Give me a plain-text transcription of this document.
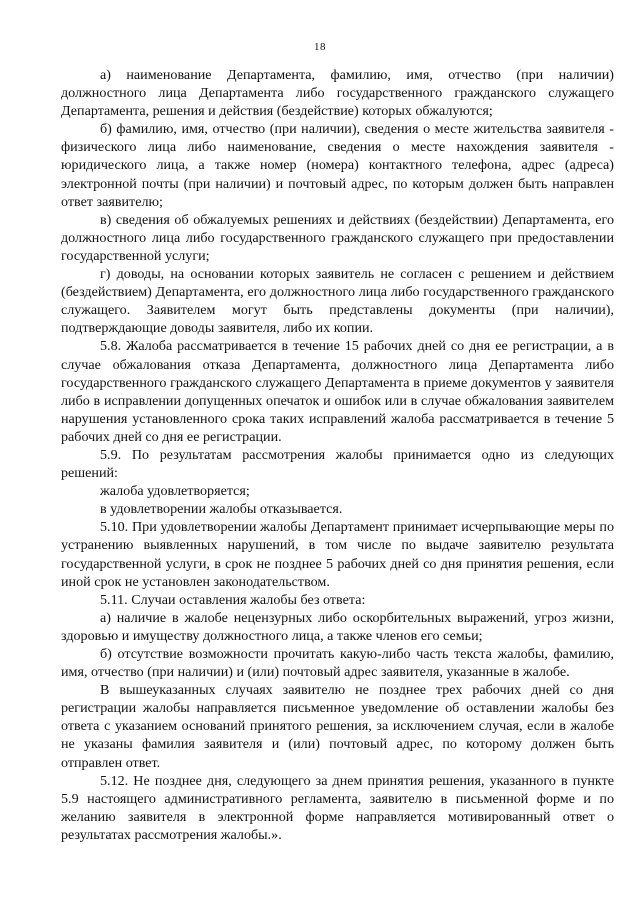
18

а) наименование Департамента, фамилию, имя, отчество (при наличии) должностного лица Департамента либо государственного гражданского служащего Департамента, решения и действия (бездействие) которых обжалуются;

б) фамилию, имя, отчество (при наличии), сведения о месте жительства заявителя - физического лица либо наименование, сведения о месте нахождения заявителя - юридического лица, а также номер (номера) контактного телефона, адрес (адреса) электронной почты (при наличии) и почтовый адрес, по которым должен быть направлен ответ заявителю;

в) сведения об обжалуемых решениях и действиях (бездействии) Департамента, его должностного лица либо государственного гражданского служащего при предоставлении государственной услуги;

г) доводы, на основании которых заявитель не согласен с решением и действием (бездействием) Департамента, его должностного лица либо государственного гражданского служащего. Заявителем могут быть представлены документы (при наличии), подтверждающие доводы заявителя, либо их копии.

5.8. Жалоба рассматривается в течение 15 рабочих дней со дня ее регистрации, а в случае обжалования отказа Департамента, должностного лица Департамента либо государственного гражданского служащего Департамента в приеме документов у заявителя либо в исправлении допущенных опечаток и ошибок или в случае обжалования заявителем нарушения установленного срока таких исправлений жалоба рассматривается в течение 5 рабочих дней со дня ее регистрации.

5.9. По результатам рассмотрения жалобы принимается одно из следующих решений:

жалоба удовлетворяется;

в удовлетворении жалобы отказывается.

5.10. При удовлетворении жалобы Департамент принимает исчерпывающие меры по устранению выявленных нарушений, в том числе по выдаче заявителю результата государственной услуги, в срок не позднее 5 рабочих дней со дня принятия решения, если иной срок не установлен законодательством.

5.11. Случаи оставления жалобы без ответа:

а) наличие в жалобе нецензурных либо оскорбительных выражений, угроз жизни, здоровью и имуществу должностного лица, а также членов его семьи;

б) отсутствие возможности прочитать какую-либо часть текста жалобы, фамилию, имя, отчество (при наличии) и (или) почтовый адрес заявителя, указанные в жалобе.

В вышеуказанных случаях заявителю не позднее трех рабочих дней со дня регистрации жалобы направляется письменное уведомление об оставлении жалобы без ответа с указанием оснований принятого решения, за исключением случая, если в жалобе не указаны фамилия заявителя и (или) почтовый адрес, по которому должен быть отправлен ответ.

5.12. Не позднее дня, следующего за днем принятия решения, указанного в пункте 5.9 настоящего административного регламента, заявителю в письменной форме и по желанию заявителя в электронной форме направляется мотивированный ответ о результатах рассмотрения жалобы.».
